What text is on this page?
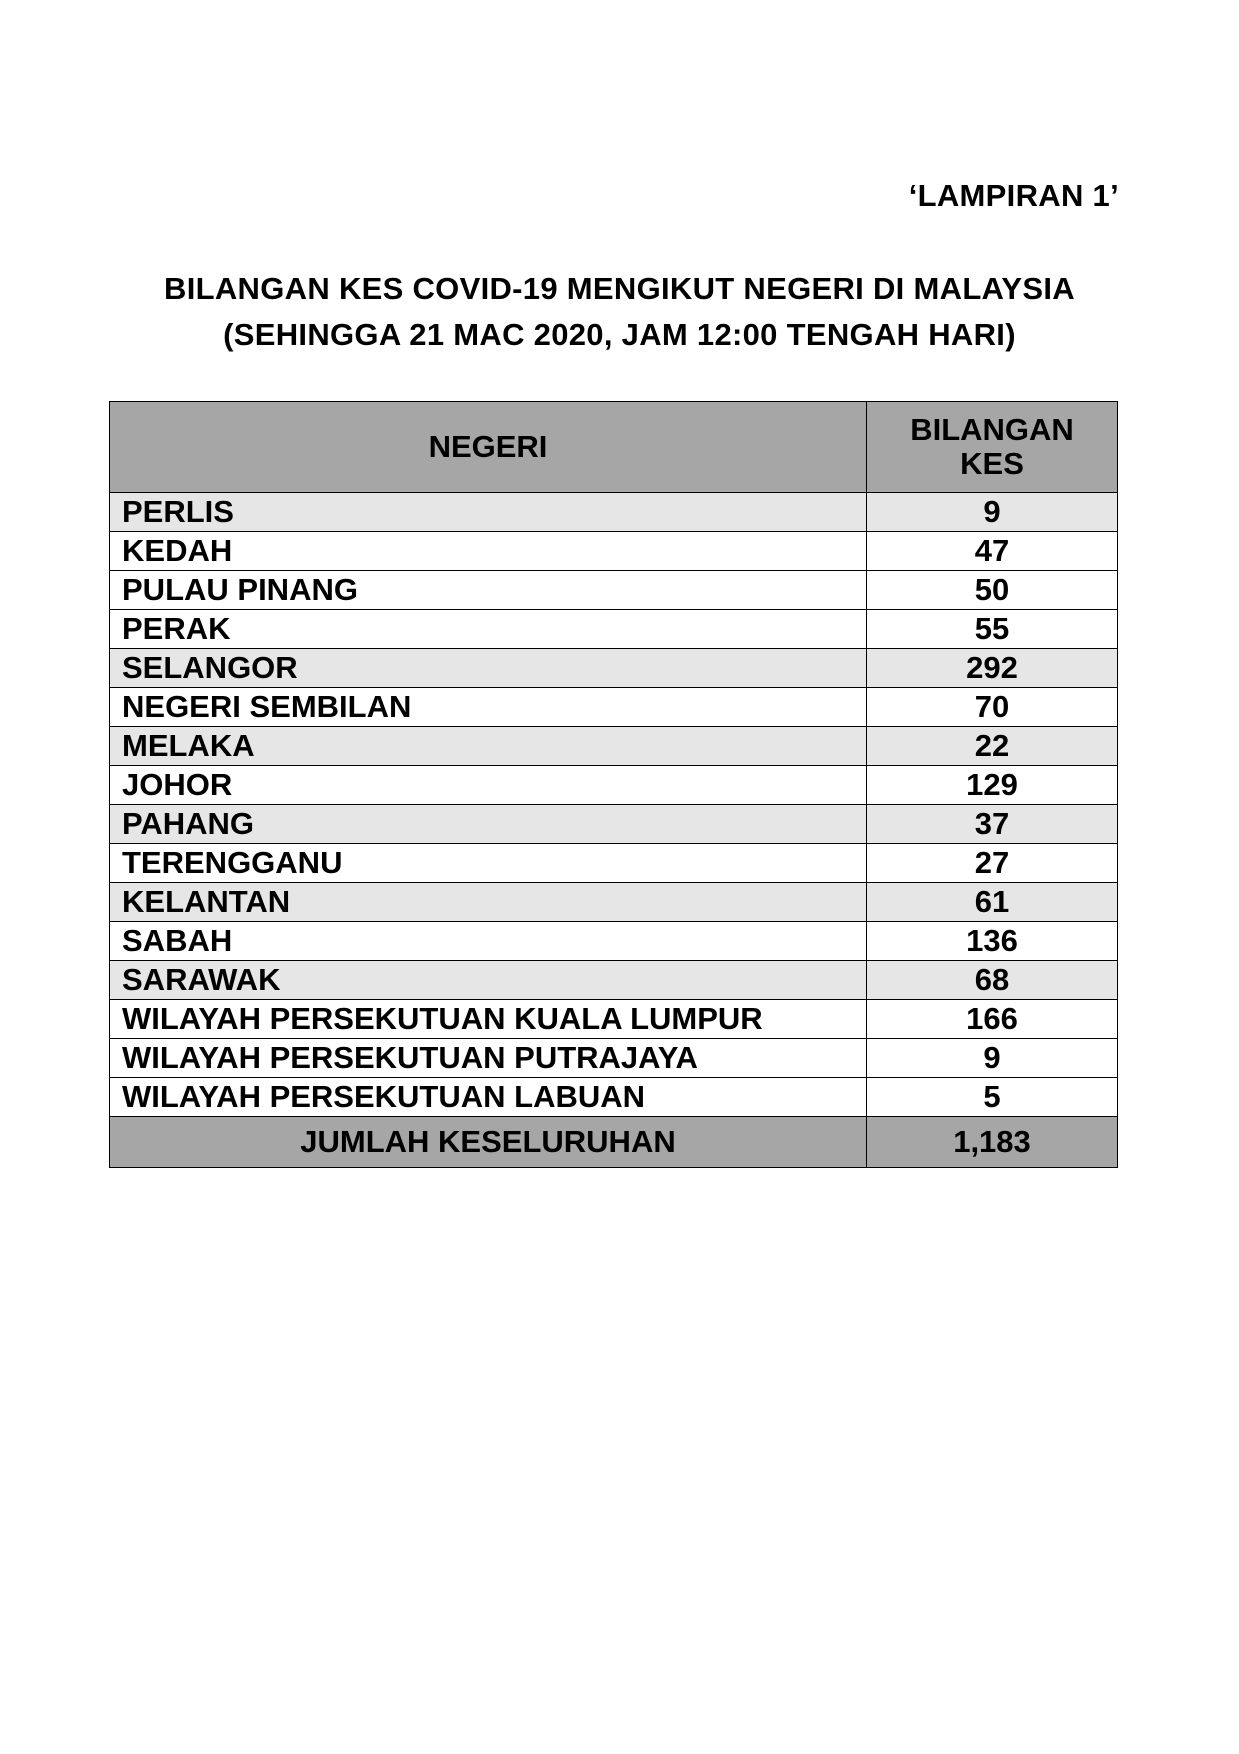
‘LAMPIRAN 1’
BILANGAN KES COVID-19 MENGIKUT NEGERI DI MALAYSIA
(SEHINGGA 21 MAC 2020, JAM 12:00 TENGAH HARI)
NEGERI	BILANGAN
KES

PERLIS	9
KEDAH	47
PULAU PINANG	50
PERAK	55
SELANGOR	292
NEGERI SEMBILAN	70
MELAKA	22
JOHOR	129
PAHANG	37
TERENGGANU	27
KELANTAN	61
SABAH	136
SARAWAK	68
WILAYAH PERSEKUTUAN KUALA LUMPUR	166
WILAYAH PERSEKUTUAN PUTRAJAYA	9
WILAYAH PERSEKUTUAN LABUAN	5
JUMLAH KESELURUHAN	1,183
